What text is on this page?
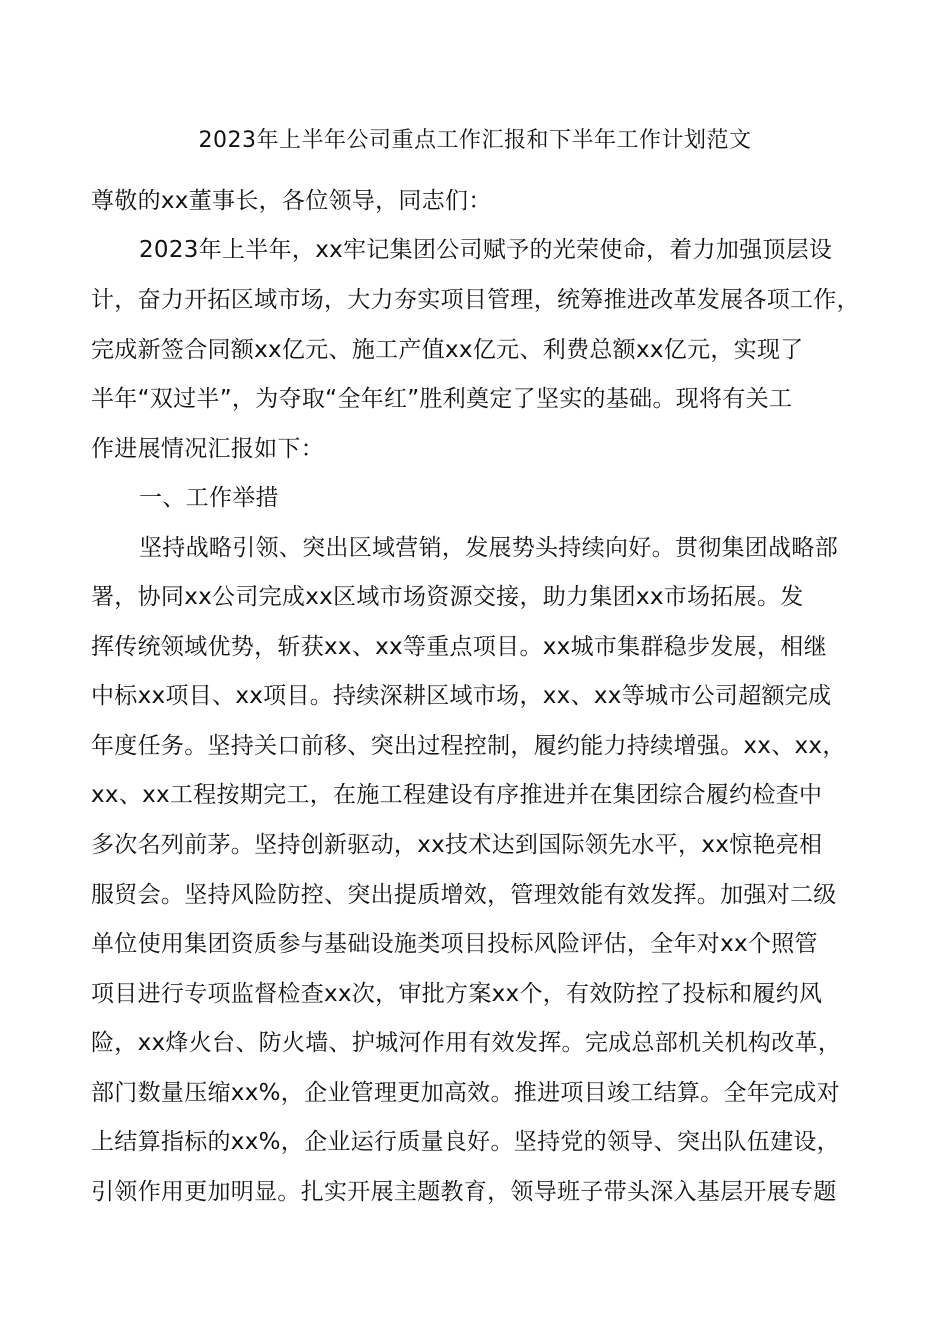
2023年上半年公司重点工作汇报和下半年工作计划范文

尊敬的xx董事长，各位领导，同志们：

2023年上半年，xx牢记集团公司赋予的光荣使命，着力加强顶层设

计，奋力开拓区域市场，大力夯实项目管理，统筹推进改革发展各项工作，

完成新签合同额xx亿元、施工产值xx亿元、利费总额xx亿元，实现了

半年“双过半”，为夺取“全年红”胜利奠定了坚实的基础。现将有关工

作进展情况汇报如下：

一、工作举措

坚持战略引领、突出区域营销，发展势头持续向好。贯彻集团战略部

署，协同xx公司完成xx区域市场资源交接，助力集团xx市场拓展。发

挥传统领域优势，斩获xx、xx等重点项目。xx城市集群稳步发展，相继

中标xx项目、xx项目。持续深耕区域市场，xx、xx等城市公司超额完成

年度任务。坚持关口前移、突出过程控制，履约能力持续增强。xx、xx，

xx、xx工程按期完工，在施工程建设有序推进并在集团综合履约检查中

多次名列前茅。坚持创新驱动，xx技术达到国际领先水平，xx惊艳亮相

服贸会。坚持风险防控、突出提质增效，管理效能有效发挥。加强对二级

单位使用集团资质参与基础设施类项目投标风险评估，全年对xx个照管

项目进行专项监督检查xx次，审批方案xx个，有效防控了投标和履约风

险，xx烽火台、防火墙、护城河作用有效发挥。完成总部机关机构改革，

部门数量压缩xx%，企业管理更加高效。推进项目竣工结算。全年完成对

上结算指标的xx%，企业运行质量良好。坚持党的领导、突出队伍建设，

引领作用更加明显。扎实开展主题教育，领导班子带头深入基层开展专题
